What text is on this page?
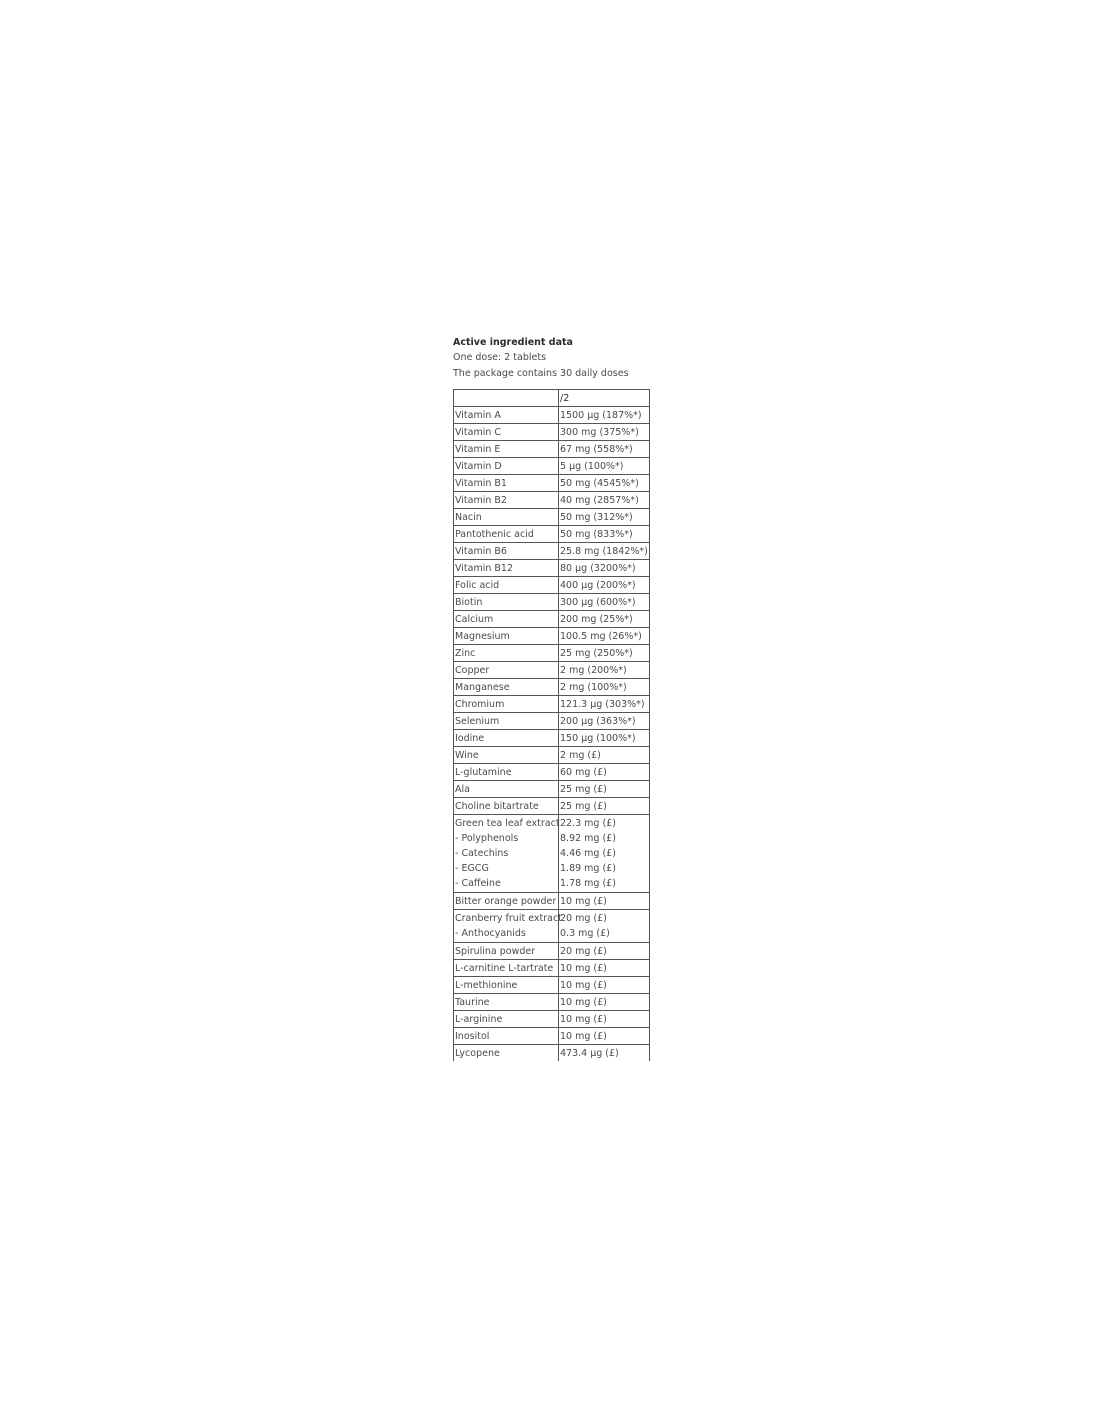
Active ingredient data

One dose: 2 tablets

The package contains 30 daily doses

	/2
Vitamin A	1500 µg (187%*)
Vitamin C	300 mg (375%*)
Vitamin E	67 mg (558%*)
Vitamin D	5 µg (100%*)
Vitamin B1	50 mg (4545%*)
Vitamin B2	40 mg (2857%*)
Nacin	50 mg (312%*)
Pantothenic acid	50 mg (833%*)
Vitamin B6	25.8 mg (1842%*)
Vitamin B12	80 µg (3200%*)
Folic acid	400 µg (200%*)
Biotin	300 µg (600%*)
Calcium	200 mg (25%*)
Magnesium	100.5 mg (26%*)
Zinc	25 mg (250%*)
Copper	2 mg (200%*)
Manganese	2 mg (100%*)
Chromium	121.3 µg (303%*)
Selenium	200 µg (363%*)
Iodine	150 µg (100%*)
Wine	2 mg (£)
L-glutamine	60 mg (£)
Ala	25 mg (£)
Choline bitartrate	25 mg (£)
Green tea leaf extract	22.3 mg (£)
- Polyphenols	8.92 mg (£)
- Catechins	4.46 mg (£)
- EGCG	1.89 mg (£)
- Caffeine	1.78 mg (£)
Bitter orange powder	10 mg (£)
Cranberry fruit extract	20 mg (£)
- Anthocyanids	0.3 mg (£)
Spirulina powder	20 mg (£)
L-carnitine L-tartrate	10 mg (£)
L-methionine	10 mg (£)
Taurine	10 mg (£)
L-arginine	10 mg (£)
Inositol	10 mg (£)
Lycopene	473.4 µg (£)
